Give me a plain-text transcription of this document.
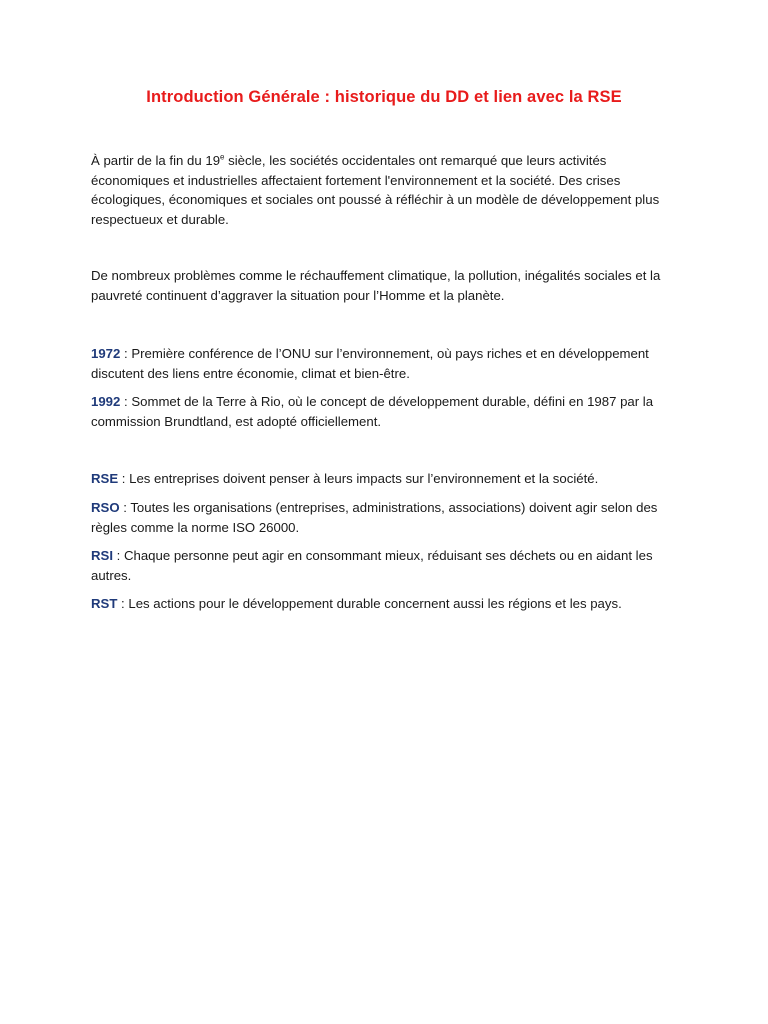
Introduction Générale : historique du DD et lien avec la RSE
À partir de la fin du 19e siècle, les sociétés occidentales ont remarqué que leurs activités économiques et industrielles affectaient fortement l'environnement et la société. Des crises écologiques, économiques et sociales ont poussé à réfléchir à un modèle de développement plus respectueux et durable.
De nombreux problèmes comme le réchauffement climatique, la pollution, inégalités sociales et la pauvreté continuent d’aggraver la situation pour l’Homme et la planète.
1972 : Première conférence de l’ONU sur l’environnement, où pays riches et en développement discutent des liens entre économie, climat et bien-être.
1992 : Sommet de la Terre à Rio, où le concept de développement durable, défini en 1987 par la commission Brundtland, est adopté officiellement.
RSE : Les entreprises doivent penser à leurs impacts sur l’environnement et la société.
RSO : Toutes les organisations (entreprises, administrations, associations) doivent agir selon des règles comme la norme ISO 26000.
RSI : Chaque personne peut agir en consommant mieux, réduisant ses déchets ou en aidant les autres.
RST : Les actions pour le développement durable concernent aussi les régions et les pays.
